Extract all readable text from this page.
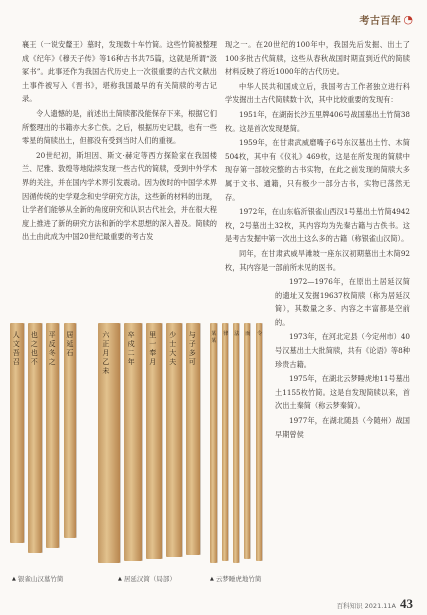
考古百年 ◔

襄王（一说安釐王）墓时，发现数十车竹简。这些竹简被整理成《纪年》《穆天子传》等16种古书共75篇，这就是所谓“汲冢书”。此事还作为我国古代历史上一次很重要的古代文献出土事件被写入《晋书》，堪称我国最早的有关简牍的考古记录。

令人遗憾的是，前述出土简牍都没能保存下来，根据它们所整理出的书籍亦大多亡佚。之后，根据历史记载，也有一些零星的简牍出土，但都没有受到当时人们的重视。

20世纪初，斯坦因、斯文·赫定等西方探险家在我国楼兰、尼雅、敦煌等地陆续发现一些古代的简牍，受到中外学术界的关注，并在国内学术界引发震动。因为彼时的中国学术界因循传统的史学观念和史学研究方法，这些新的材料的出现，让学者们能够从全新的角度研究和认识古代社会，并在很大程度上推进了新的研究方法和新的学术思想的深入普及。简牍的出土由此成为中国20世纪最重要的考古发

现之一。在20世纪的100年中，我国先后发掘、出土了100多批古代简牍，这些从春秋战国时期直到近代的简牍材料反映了将近1000年的古代历史。

中华人民共和国成立后，我国考古工作者独立进行科学发掘出土古代简牍数十次，其中比较重要的发现有：

1951年，在湖南长沙五里牌406号战国墓出土竹简38枚。这是首次发现楚简。

1959年，在甘肃武威磨嘴子6号东汉墓出土竹、木简504枚，其中有《仪礼》469枚，这是在所发现的简牍中现存第一部较完整的古书实物，在此之前发现的简牍大多属于文书、通籍，只有极少一部分古书，实物已荡然无存。

1972年，在山东临沂银雀山西汉1号墓出土竹简4942枚，2号墓出土32枚，其内容均为先秦古籍与古佚书。这是考古发掘中第一次出土这么多的古籍（称银雀山汉简）。

同年，在甘肃武威旱滩坡一座东汉初期墓出土木简92枚，其内容是一部前所未见的医书。

1972—1976年，在原出土居延汉简的遗址又发掘19637枚简牍（称为居延汉简），其数量之多、内容之丰富都是空前的。

1973年，在河北定县（今定州市）40号汉墓出土大批简牍，共有《论语》等8种珍贵古籍。

1975年，在湖北云梦睡虎地11号墓出土1155枚竹简。这是自发现简牍以来，首次出土秦简（称云梦秦简）。

1977年，在湖北随县（今随州）战国早期曾侯

人文吾召
也之也不
平反冬之
居延石
六正月乙未
卒戍二年
里一奉月
少士大夫
与子多可
某某
律 法 而 令
▲ 银雀山汉墓竹简	▲ 居延汉简（局部）	▲ 云梦睡虎地竹简
百科知识 2021.11A 43
